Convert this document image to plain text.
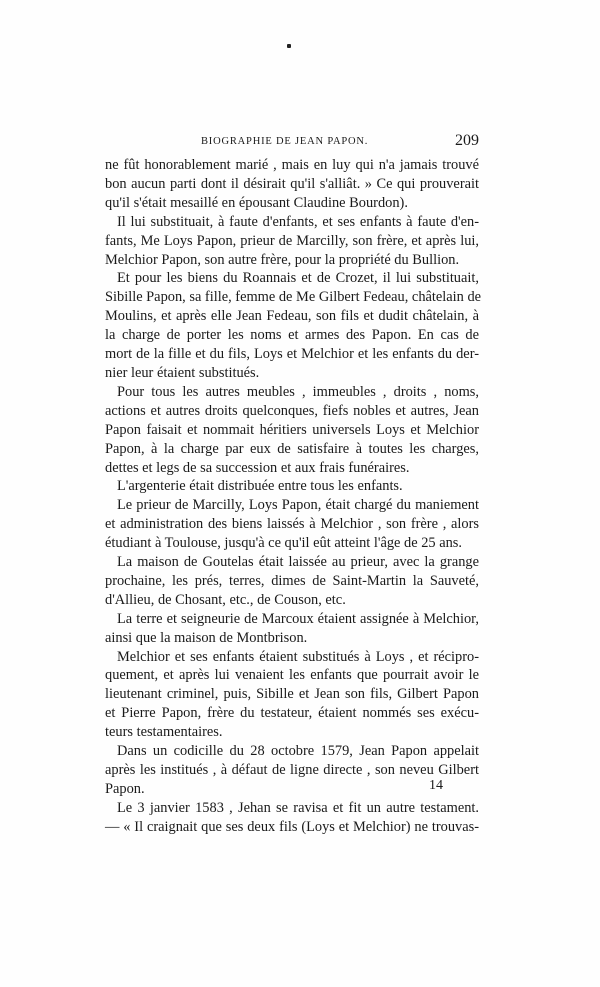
BIOGRAPHIE DE JEAN PAPON.	209
ne fût honorablement marié , mais en luy qui n'a jamais trouvé
bon aucun parti dont il désirait qu'il s'alliât. » Ce qui prouverait
qu'il s'était mesaillé en épousant Claudine Bourdon).
Il lui substituait, à faute d'enfants, et ses enfants à faute d'en-
fants, Me Loys Papon, prieur de Marcilly, son frère, et après lui,
Melchior Papon, son autre frère, pour la propriété du Bullion.
Et pour les biens du Roannais et de Crozet, il lui substituait,
Sibille Papon, sa fille, femme de Me Gilbert Fedeau, châtelain de
Moulins, et après elle Jean Fedeau, son fils et dudit châtelain, à
la charge de porter les noms et armes des Papon. En cas de
mort de la fille et du fils, Loys et Melchior et les enfants du der-
nier leur étaient substitués.
Pour tous les autres meubles , immeubles , droits , noms,
actions et autres droits quelconques, fiefs nobles et autres, Jean
Papon faisait et nommait héritiers universels Loys et Melchior
Papon, à la charge par eux de satisfaire à toutes les charges,
dettes et legs de sa succession et aux frais funéraires.
L'argenterie était distribuée entre tous les enfants.
Le prieur de Marcilly, Loys Papon, était chargé du maniement
et administration des biens laissés à Melchior , son frère , alors
étudiant à Toulouse, jusqu'à ce qu'il eût atteint l'âge de 25 ans.
La maison de Goutelas était laissée au prieur, avec la grange
prochaine, les prés, terres, dimes de Saint-Martin la Sauveté,
d'Allieu, de Chosant, etc., de Couson, etc.
La terre et seigneurie de Marcoux étaient assignée à Melchior,
ainsi que la maison de Montbrison.
Melchior et ses enfants étaient substitués à Loys , et récipro-
quement, et après lui venaient les enfants que pourrait avoir le
lieutenant criminel, puis, Sibille et Jean son fils, Gilbert Papon
et Pierre Papon, frère du testateur, étaient nommés ses exécu-
teurs testamentaires.
Dans un codicille du 28 octobre 1579, Jean Papon appelait
après les institués , à défaut de ligne directe , son neveu Gilbert
Papon.
Le 3 janvier 1583 , Jehan se ravisa et fit un autre testament.
— « Il craignait que ses deux fils (Loys et Melchior) ne trouvas-
14
